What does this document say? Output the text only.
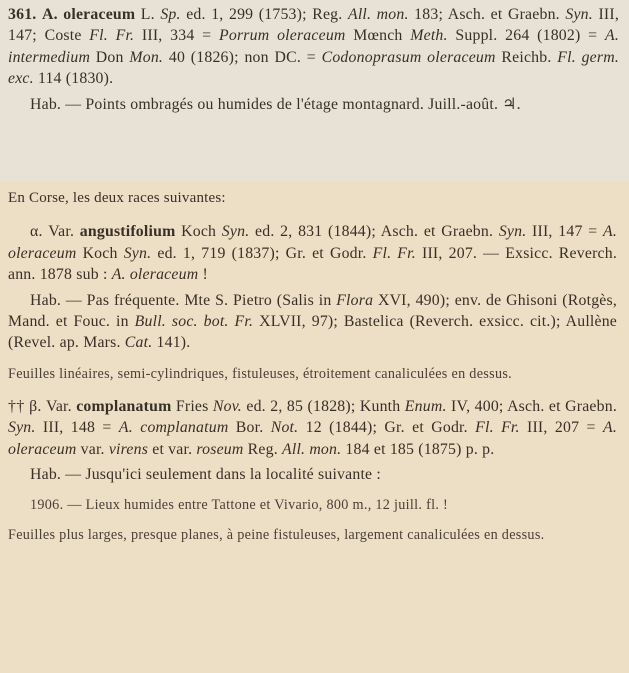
361. A. oleraceum L. Sp. ed. 1, 299 (1753); Reg. All. mon. 183; Asch. et Graebn. Syn. III, 147; Coste Fl. Fr. III, 334 = Porrum oleraceum Mœnch Meth. Suppl. 264 (1802) = A. intermedium Don Mon. 40 (1826); non DC. = Codonoprasum oleraceum Reichb. Fl. germ. exc. 114 (1830).
Hab. — Points ombragés ou humides de l'étage montagnard. Juill.-août. ♃.
En Corse, les deux races suivantes:
α. Var. angustifolium Koch Syn. ed. 2, 831 (1844); Asch. et Graebn. Syn. III, 147 = A. oleraceum Koch Syn. ed. 1, 719 (1837); Gr. et Godr. Fl. Fr. III, 207. — Exsicc. Reverch. ann. 1878 sub : A. oleraceum !
Hab. — Pas fréquente. Mte S. Pietro (Salis in Flora XVI, 490); env. de Ghisoni (Rotgès, Mand. et Fouc. in Bull. soc. bot. Fr. XLVII, 97); Bastelica (Reverch. exsicc. cit.); Aullène (Revel. ap. Mars. Cat. 141).
Feuilles linéaires, semi-cylindriques, fistuleuses, étroitement canaliculées en dessus.
†† β. Var. complanatum Fries Nov. ed. 2, 85 (1828); Kunth Enum. IV, 400; Asch. et Graebn. Syn. III, 148 = A. complanatum Bor. Not. 12 (1844); Gr. et Godr. Fl. Fr. III, 207 = A. oleraceum var. virens et var. roseum Reg. All. mon. 184 et 185 (1875) p. p.
Hab. — Jusqu'ici seulement dans la localité suivante :
1906. — Lieux humides entre Tattone et Vivario, 800 m., 12 juill. fl. !
Feuilles plus larges, presque planes, à peine fistuleuses, largement canaliculées en dessus.
